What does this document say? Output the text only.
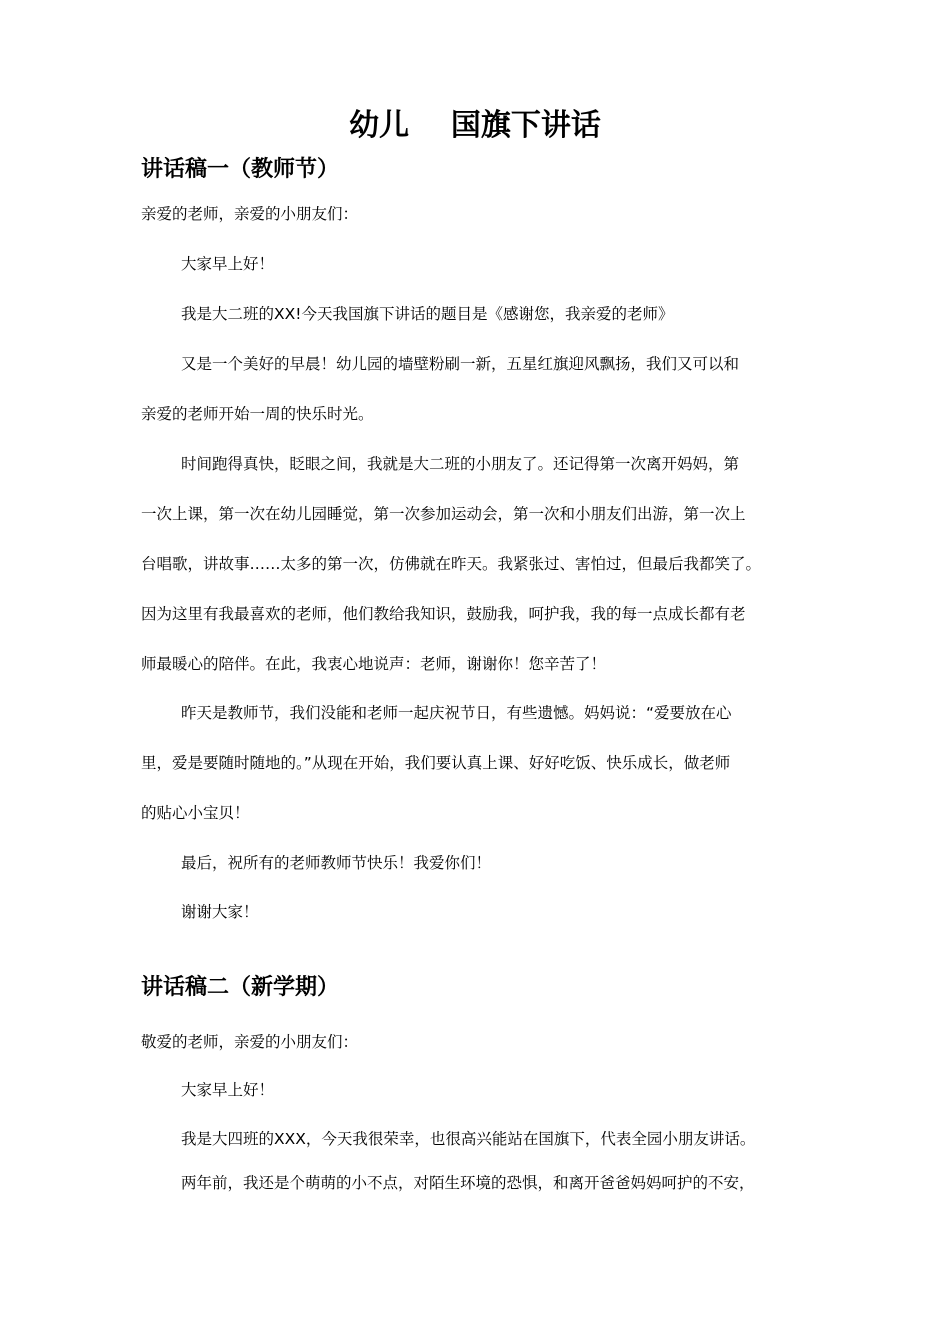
幼儿    国旗下讲话
讲话稿一（教师节）
亲爱的老师，亲爱的小朋友们：
大家早上好！
我是大二班的XX!今天我国旗下讲话的题目是《感谢您，我亲爱的老师》
又是一个美好的早晨！幼儿园的墙壁粉刷一新，五星红旗迎风飘扬，我们又可以和
亲爱的老师开始一周的快乐时光。
时间跑得真快，眨眼之间，我就是大二班的小朋友了。还记得第一次离开妈妈，第
一次上课，第一次在幼儿园睡觉，第一次参加运动会，第一次和小朋友们出游，第一次上
台唱歌，讲故事……太多的第一次，仿佛就在昨天。我紧张过、害怕过，但最后我都笑了。
因为这里有我最喜欢的老师，他们教给我知识，鼓励我，呵护我，我的每一点成长都有老
师最暖心的陪伴。在此，我衷心地说声：老师，谢谢你！您辛苦了！
昨天是教师节，我们没能和老师一起庆祝节日，有些遗憾。妈妈说：“爱要放在心
里，爱是要随时随地的。”从现在开始，我们要认真上课、好好吃饭、快乐成长，做老师
的贴心小宝贝！
最后，祝所有的老师教师节快乐！我爱你们！
谢谢大家！
讲话稿二（新学期）
敬爱的老师，亲爱的小朋友们：
大家早上好！
我是大四班的XXX，今天我很荣幸，也很高兴能站在国旗下，代表全园小朋友讲话。
两年前，我还是个萌萌的小不点，对陌生环境的恐惧，和离开爸爸妈妈呵护的不安，
